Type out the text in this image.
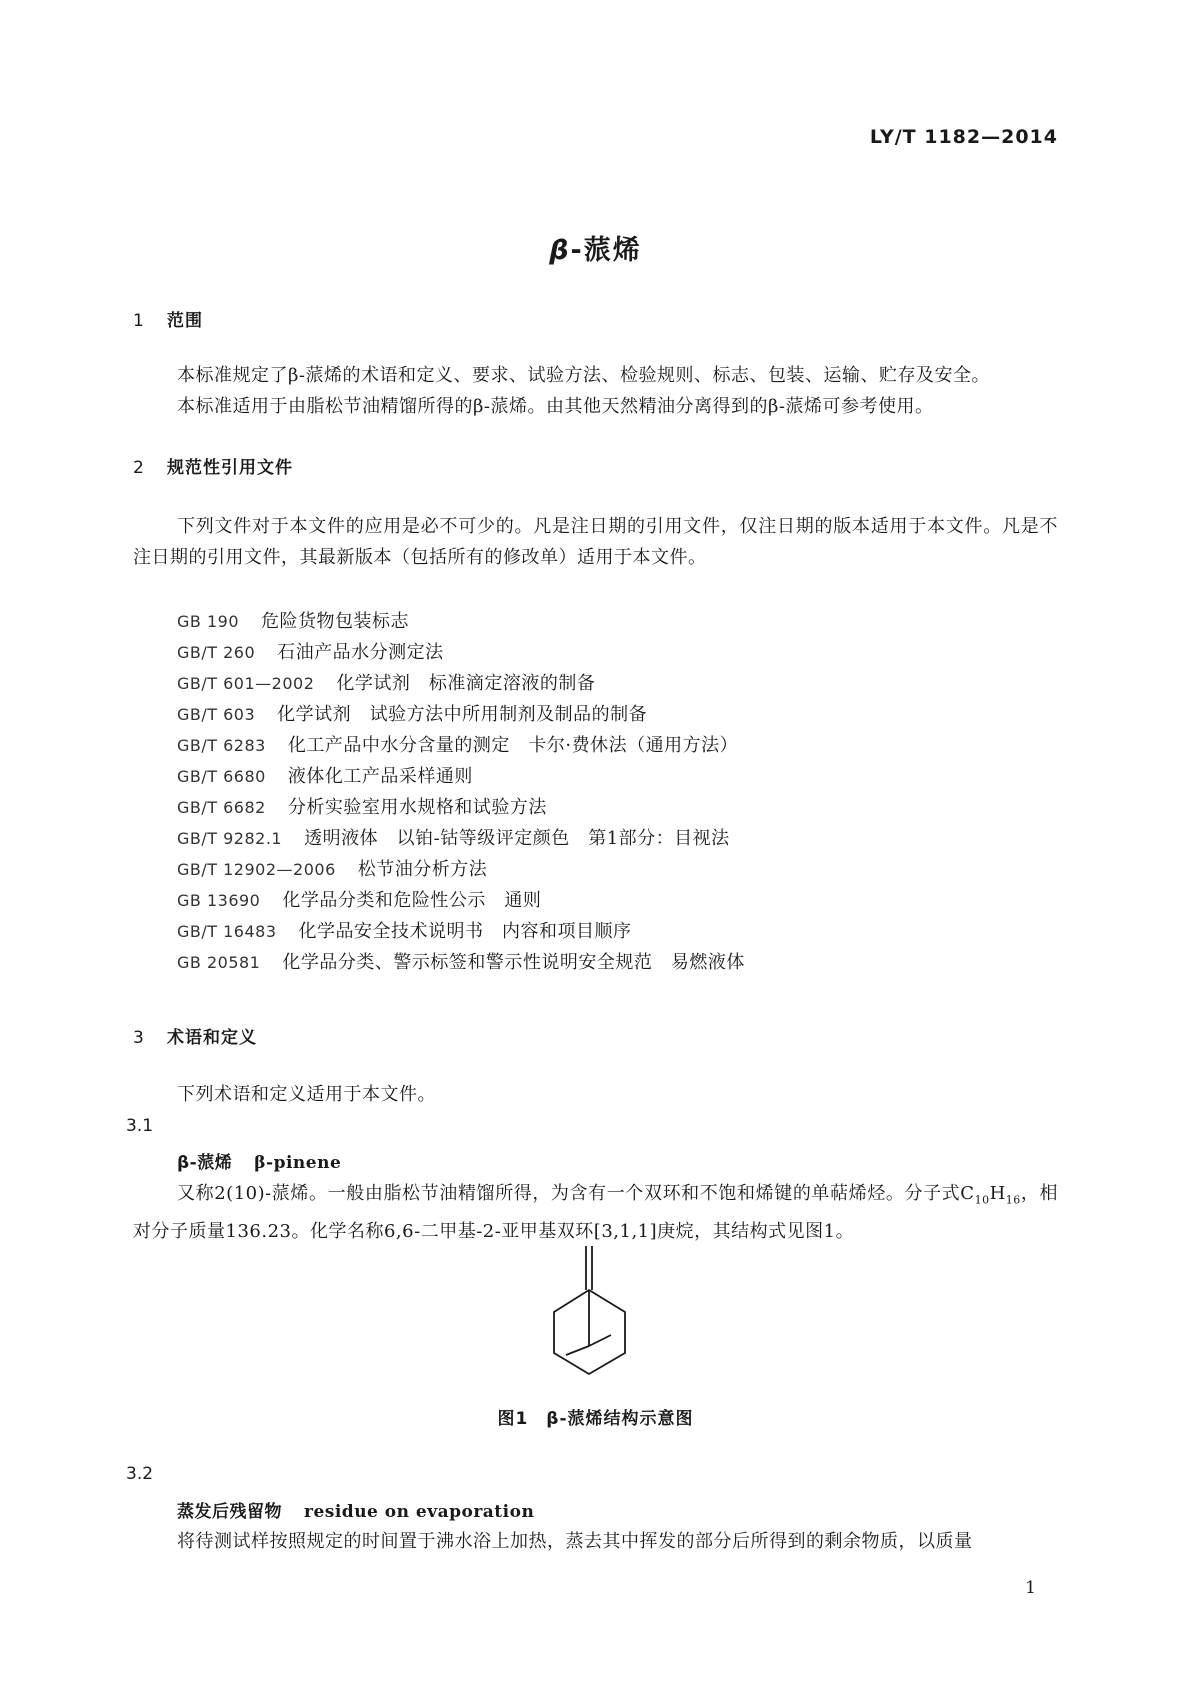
LY/T 1182—2014
β-蒎烯
1 范围
本标准规定了β-蒎烯的术语和定义、要求、试验方法、检验规则、标志、包装、运输、贮存及安全。
本标准适用于由脂松节油精馏所得的β-蒎烯。由其他天然精油分离得到的β-蒎烯可参考使用。
2 规范性引用文件
下列文件对于本文件的应用是必不可少的。凡是注日期的引用文件，仅注日期的版本适用于本文件。凡是不注日期的引用文件，其最新版本（包括所有的修改单）适用于本文件。
GB 190 危险货物包装标志
GB/T 260 石油产品水分测定法
GB/T 601—2002 化学试剂　标准滴定溶液的制备
GB/T 603 化学试剂　试验方法中所用制剂及制品的制备
GB/T 6283 化工产品中水分含量的测定　卡尔·费休法（通用方法）
GB/T 6680 液体化工产品采样通则
GB/T 6682 分析实验室用水规格和试验方法
GB/T 9282.1 透明液体　以铂-钴等级评定颜色　第1部分：目视法
GB/T 12902—2006 松节油分析方法
GB 13690 化学品分类和危险性公示　通则
GB/T 16483 化学品安全技术说明书　内容和项目顺序
GB 20581 化学品分类、警示标签和警示性说明安全规范　易燃液体
3 术语和定义
下列术语和定义适用于本文件。
3.1
β-蒎烯 β-pinene
又称2(10)-蒎烯。一般由脂松节油精馏所得，为含有一个双环和不饱和烯键的单萜烯烃。分子式$C_{10}H_{16}$，相对分子质量136.23。化学名称6,6-二甲基-2-亚甲基双环[3,1,1]庚烷，其结构式见图1。
图1　β-蒎烯结构示意图
3.2
蒸发后残留物 residue on evaporation
将待测试样按照规定的时间置于沸水浴上加热，蒸去其中挥发的部分后所得到的剩余物质，以质量
1
